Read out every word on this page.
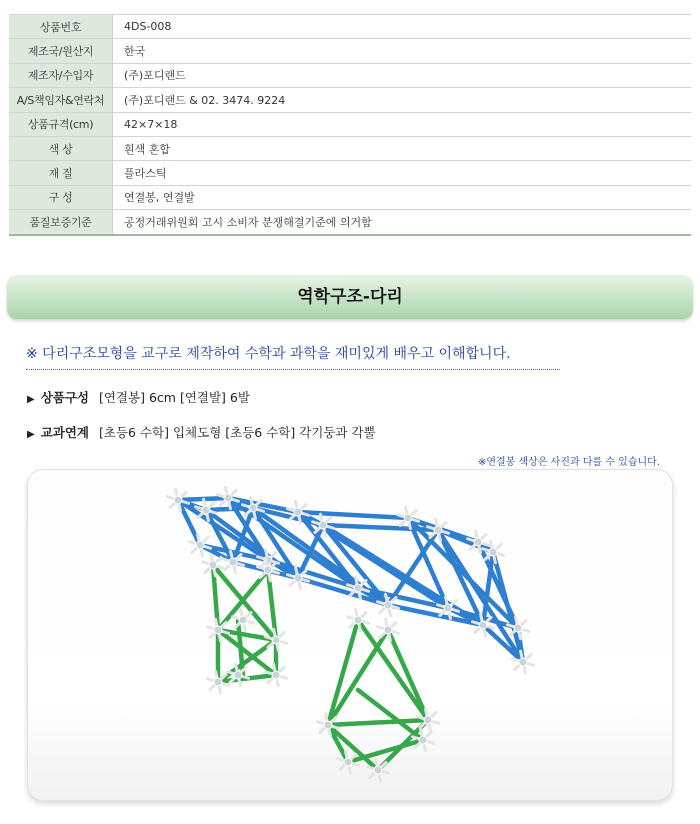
상품번호	4DS-008
제조국/원산지	한국
제조자/수입자	(주)포디랜드
A/S책임자&연락처	(주)포디랜드 & 02. 3474. 9224
상품규격(cm)	42×7×18
색 상	흰색 혼합
재 질	플라스틱
구 성	연결봉, 연결발
품질보증기준	공정거래위원회 고시 소비자 분쟁해결기준에 의거함
역학구조-다리
※ 다리구조모형을 교구로 제작하여 수학과 과학을 재미있게 배우고 이해합니다.
▶ 상품구성 [연결봉] 6cm [연결발] 6발
▶ 교과연계 [초등6 수학] 입체도형 [초등6 수학] 각기둥과 각뿔
※연결봉 색상은 사진과 다를 수 있습니다.
